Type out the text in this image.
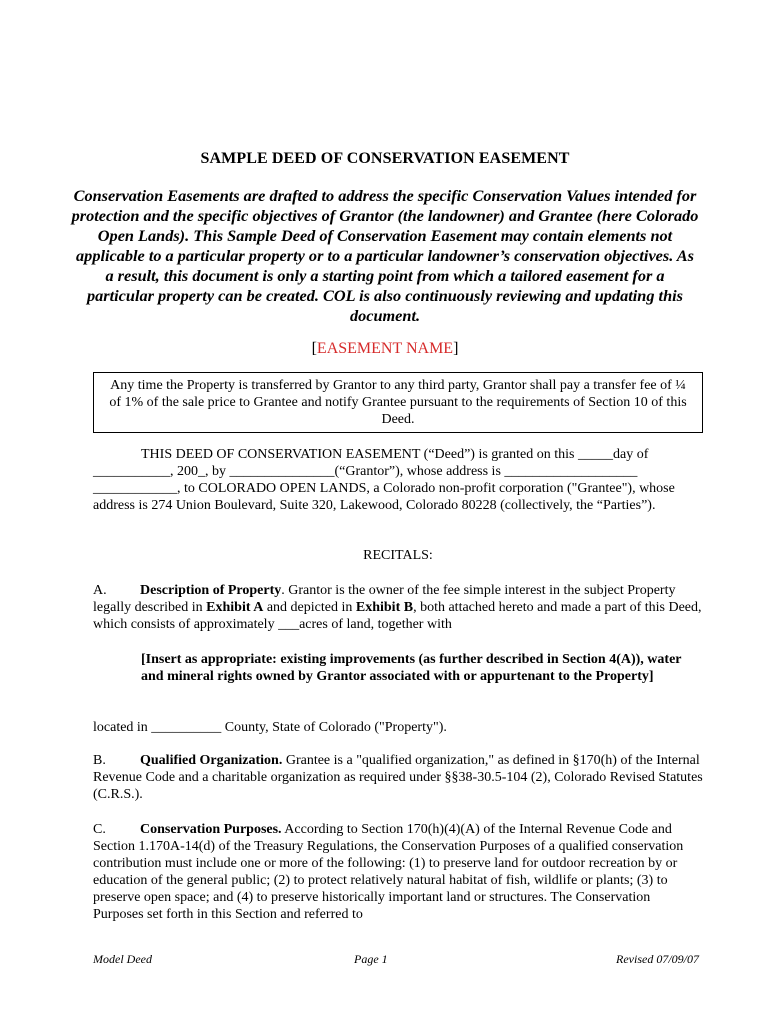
SAMPLE DEED OF CONSERVATION EASEMENT
Conservation Easements are drafted to address the specific Conservation Values intended for protection and the specific objectives of Grantor (the landowner) and Grantee (here Colorado Open Lands). This Sample Deed of Conservation Easement may contain elements not applicable to a particular property or to a particular landowner’s conservation objectives. As a result, this document is only a starting point from which a tailored easement for a particular property can be created. COL is also continuously reviewing and updating this document.
[EASEMENT NAME]
Any time the Property is transferred by Grantor to any third party, Grantor shall pay a transfer fee of ¼ of 1% of the sale price to Grantee and notify Grantee pursuant to the requirements of Section 10 of this Deed.
THIS DEED OF CONSERVATION EASEMENT (“Deed”) is granted on this _____day of ___________, 200_, by _______________(“Grantor”), whose address is ___________________ ____________, to COLORADO OPEN LANDS, a Colorado non-profit corporation ("Grantee"), whose address is 274 Union Boulevard, Suite 320, Lakewood, Colorado 80228 (collectively, the “Parties”).
RECITALS:
A. Description of Property. Grantor is the owner of the fee simple interest in the subject Property legally described in Exhibit A and depicted in Exhibit B, both attached hereto and made a part of this Deed, which consists of approximately ___acres of land, together with
[Insert as appropriate: existing improvements (as further described in Section 4(A)), water and mineral rights owned by Grantor associated with or appurtenant to the Property]
located in __________ County, State of Colorado ("Property").
B. Qualified Organization. Grantee is a "qualified organization," as defined in §170(h) of the Internal Revenue Code and a charitable organization as required under §§38-30.5-104 (2), Colorado Revised Statutes (C.R.S.).
C. Conservation Purposes. According to Section 170(h)(4)(A) of the Internal Revenue Code and Section 1.170A-14(d) of the Treasury Regulations, the Conservation Purposes of a qualified conservation contribution must include one or more of the following: (1) to preserve land for outdoor recreation by or education of the general public; (2) to protect relatively natural habitat of fish, wildlife or plants; (3) to preserve open space; and (4) to preserve historically important land or structures. The Conservation Purposes set forth in this Section and referred to
Model Deed	Page 1	Revised 07/09/07
